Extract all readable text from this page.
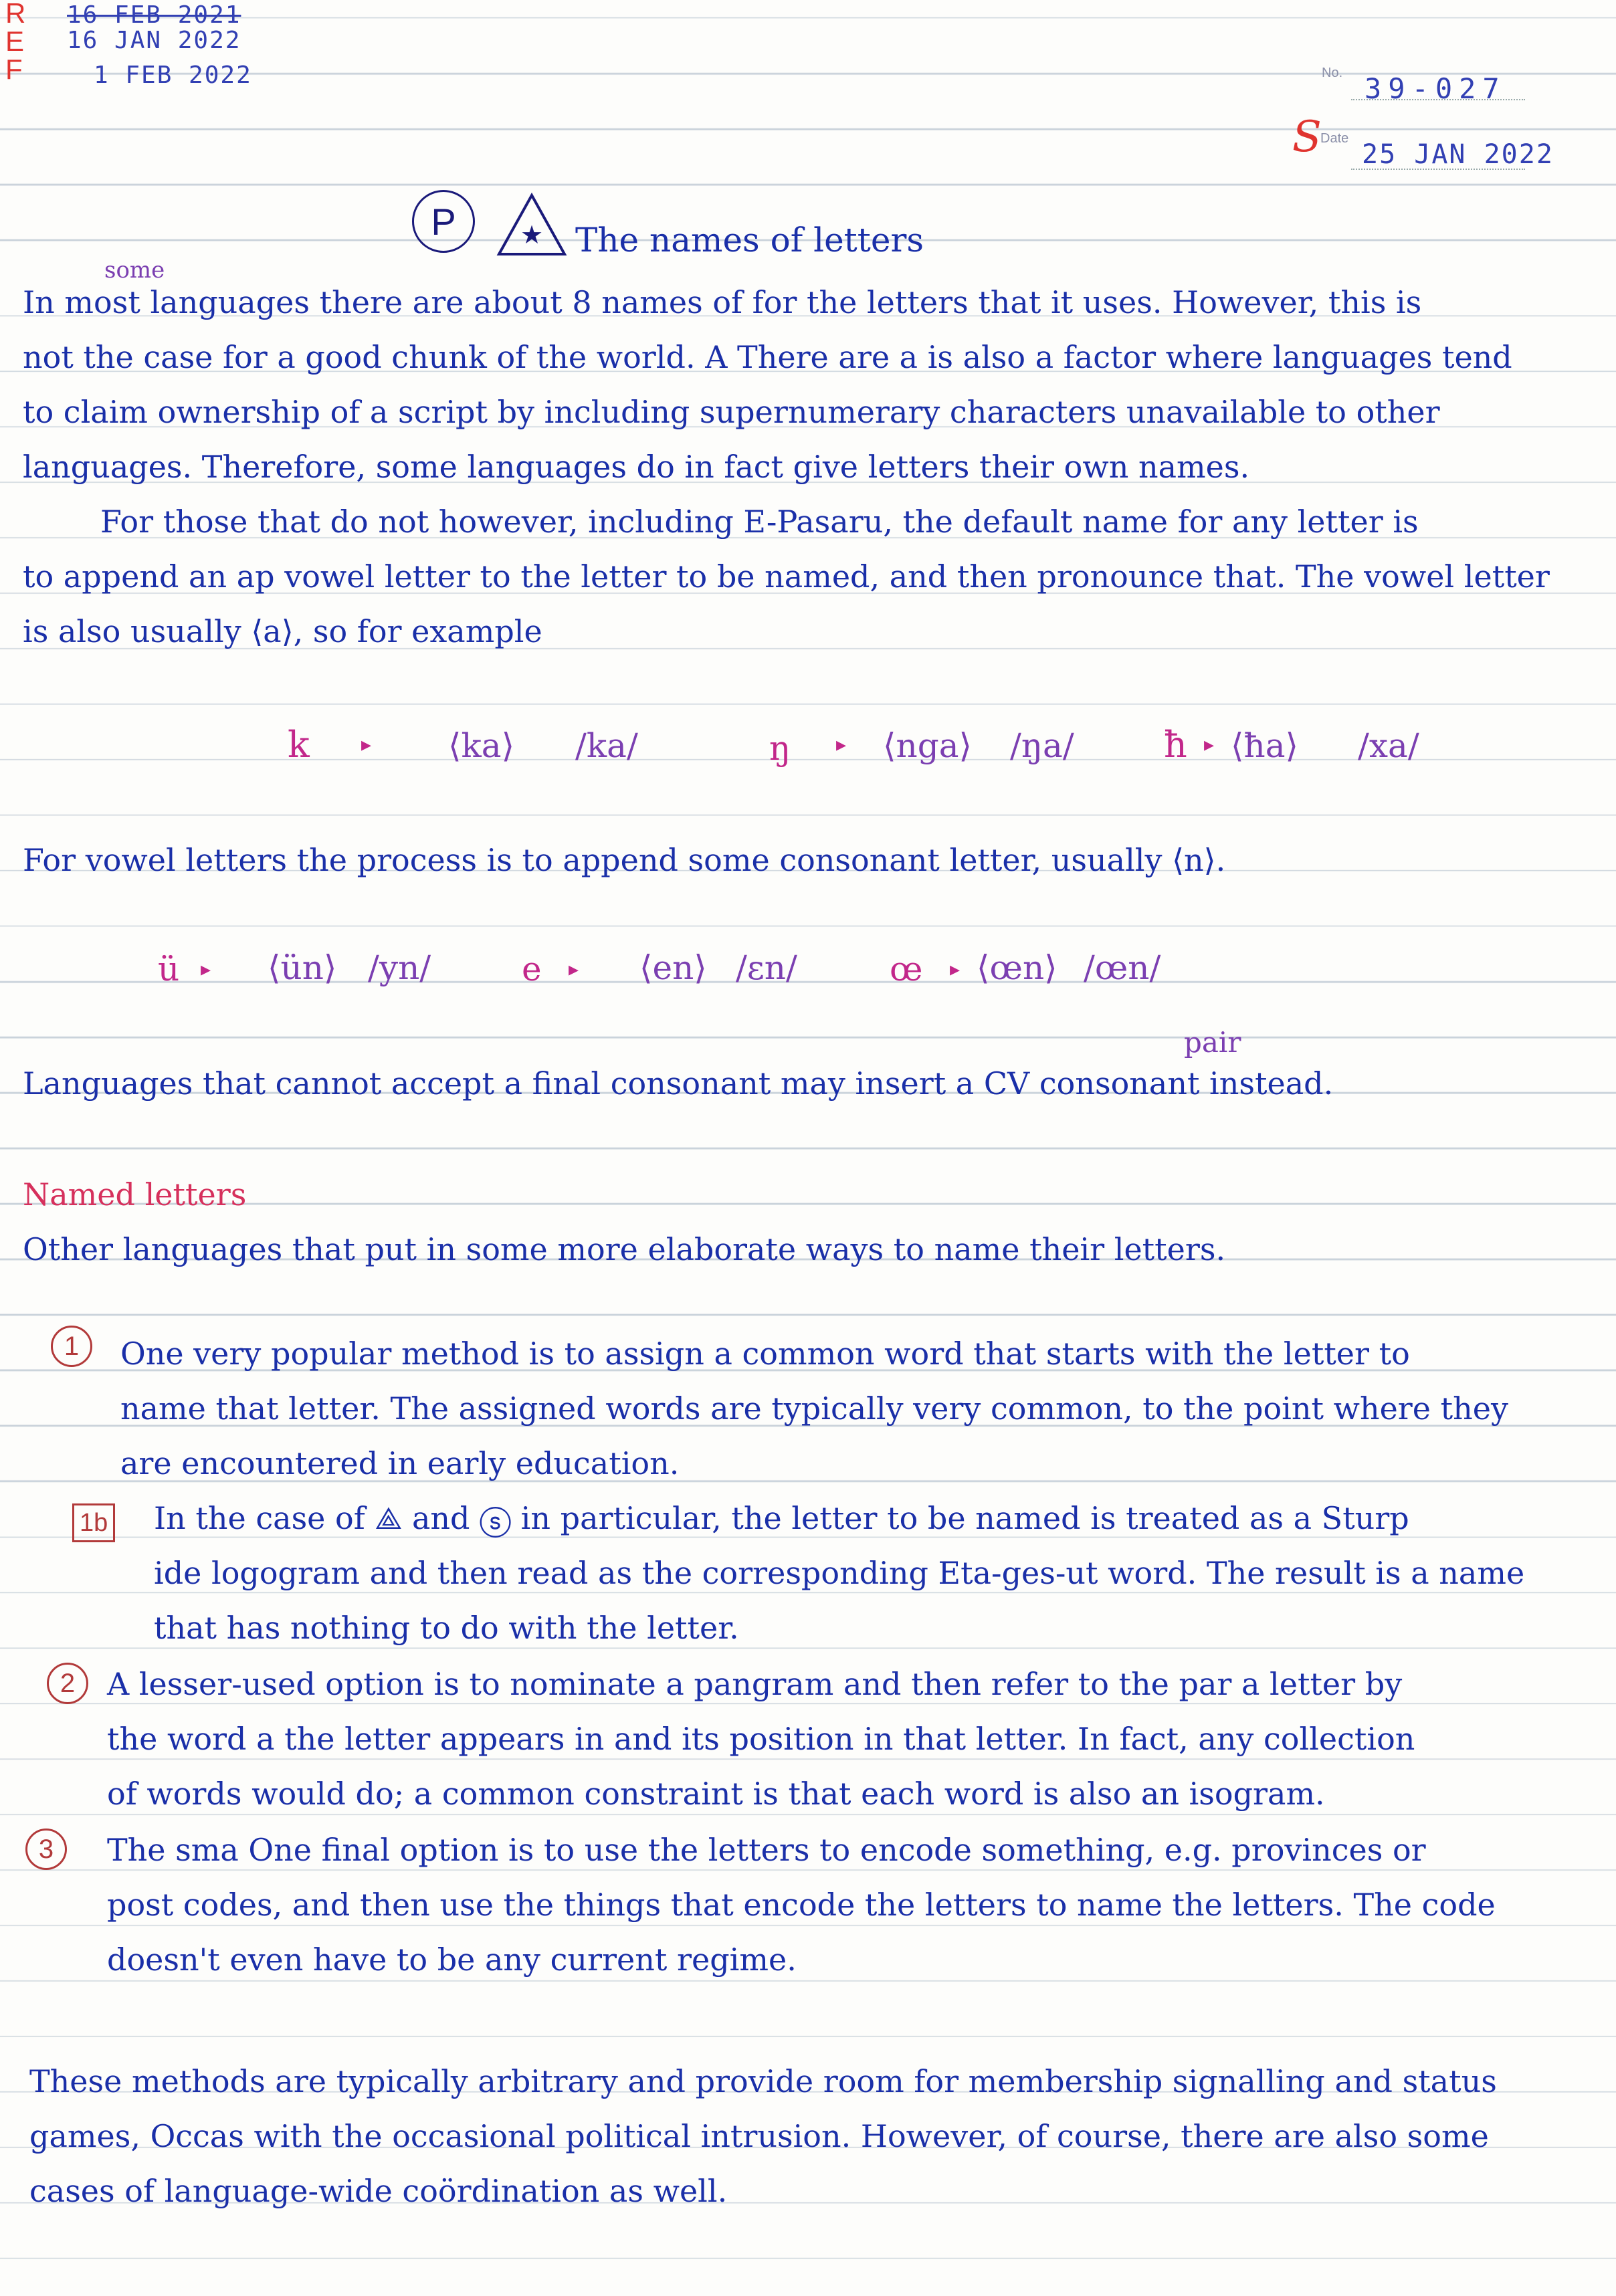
R
E
F
16 FEB 2021
16 JAN 2022
1 FEB 2022	No. 39-027
S
Date
25 JAN 2022
P	★ The names of letters
some
In most languages there are about 8 names of for the letters that it uses. However, this is
not the case for a good chunk of the world. A There are a is also a factor where languages tend
to claim ownership of a script by including supernumerary characters unavailable to other
languages. Therefore, some languages do in fact give letters their own names.
For those that do not however, including E-Pasaru, the default name for any letter is
to append an ap vowel letter to the letter to be named, and then pronounce that. The vowel letter
is also usually ⟨a⟩, so for example
k	▸ ⟨ka⟩ /ka/	ŋ ▸ ⟨nga⟩ /ŋa/ ħ ▸ ⟨ħa⟩ /xa/
For vowel letters the process is to append some consonant letter, usually ⟨n⟩.
ü ▸ ⟨ün⟩ /yn/	e ▸ ⟨en⟩ /ɛn/	œ ▸ ⟨œn⟩ /œn/
pair
Languages that cannot accept a final consonant may insert a CV consonant instead.
Named letters
Other languages that put in some more elaborate ways to name their letters.
1	One very popular method is to assign a common word that starts with the letter to
name that letter. The assigned words are typically very common, to the point where they
are encountered in early education.
1b	In the case of ⟁ and ⓢ in particular, the letter to be named is treated as a Sturp
ide logogram and then read as the corresponding Eta-ges-ut word. The result is a name
that has nothing to do with the letter.
2	A lesser-used option is to nominate a pangram and then refer to the par a letter by
the word a the letter appears in and its position in that letter. In fact, any collection
of words would do; a common constraint is that each word is also an isogram.
3	The sma One final option is to use the letters to encode something, e.g. provinces or
post codes, and then use the things that encode the letters to name the letters. The code
doesn't even have to be any current regime.
These methods are typically arbitrary and provide room for membership signalling and status
games, Occas with the occasional political intrusion. However, of course, there are also some
cases of language-wide coördination as well.
